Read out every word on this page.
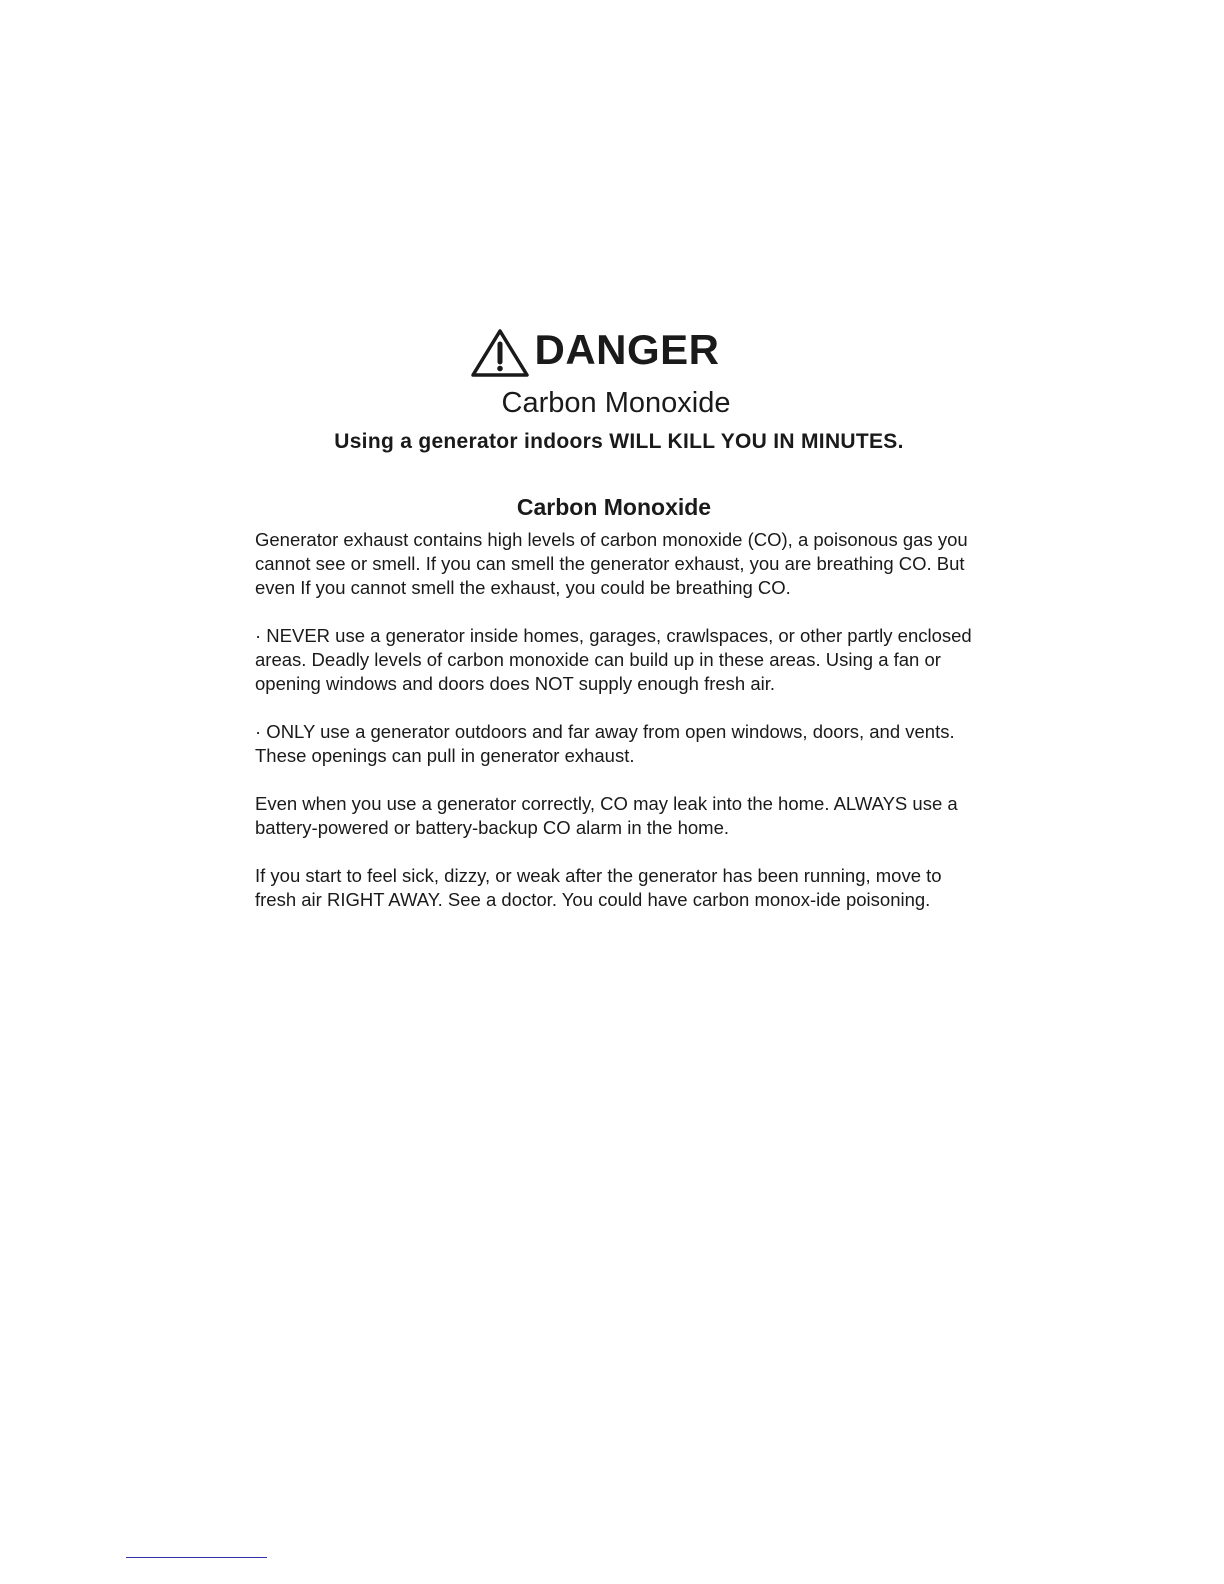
DANGER
Carbon Monoxide
Using a generator indoors WILL KILL YOU IN MINUTES.
Carbon Monoxide

Generator exhaust contains high levels of carbon monoxide (CO), a poisonous gas you cannot see or smell. If you can smell the generator exhaust, you are breathing CO. But even If you cannot smell the exhaust, you could be breathing CO.

· NEVER use a generator inside homes, garages, crawlspaces, or other partly enclosed areas. Deadly levels of carbon monoxide can build up in these areas. Using a fan or opening windows and doors does NOT supply enough fresh air.

· ONLY use a generator outdoors and far away from open windows, doors, and vents. These openings can pull in generator exhaust.

Even when you use a generator correctly, CO may leak into the home. ALWAYS use a battery-powered or battery-backup CO alarm in the home.

If you start to feel sick, dizzy, or weak after the generator has been running, move to fresh air RIGHT AWAY. See a doctor. You could have carbon monox-ide poisoning.
